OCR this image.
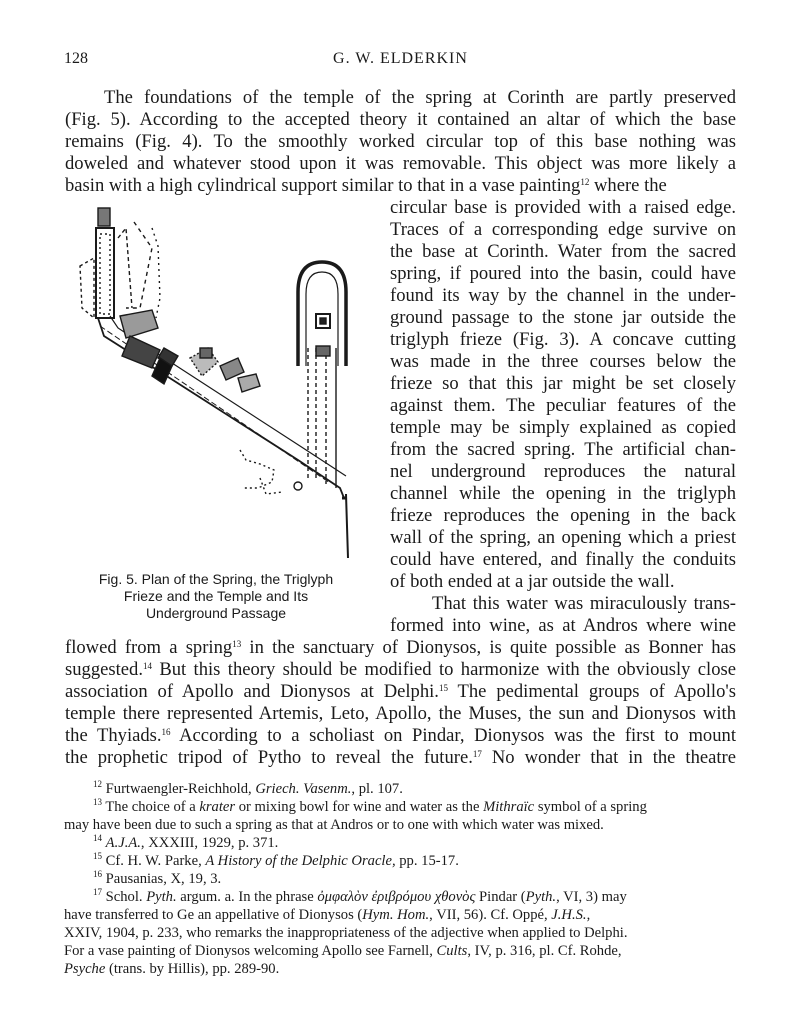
128	G. W. ELDERKIN
The foundations of the temple of the spring at Corinth are partly preserved
(Fig. 5). According to the accepted theory it contained an altar of which the base
remains (Fig. 4). To the smoothly worked circular top of this base nothing was
doweled and whatever stood upon it was removable. This object was more likely a
basin with a high cylindrical support similar to that in a vase painting$^{12}$ where the
circular base is provided with a raised edge.
Traces of a corresponding edge survive on
the base at Corinth. Water from the sacred
spring, if poured into the basin, could have
found its way by the channel in the under-
ground passage to the stone jar outside the
triglyph frieze (Fig. 3). A concave cutting
was made in the three courses below the
frieze so that this jar might be set closely
against them. The peculiar features of the
temple may be simply explained as copied
from the sacred spring. The artificial chan-
nel underground reproduces the natural
channel while the opening in the triglyph
frieze reproduces the opening in the back
wall of the spring, an opening which a priest
could have entered, and finally the conduits
of both ended at a jar outside the wall.
That this water was miraculously trans-
formed into wine, as at Andros where wine
flowed from a spring$^{13}$ in the sanctuary of Dionysos, is quite possible as Bonner has
suggested.$^{14}$ But this theory should be modified to harmonize with the obviously close
association of Apollo and Dionysos at Delphi.$^{15}$ The pedimental groups of Apollo's
temple there represented Artemis, Leto, Apollo, the Muses, the sun and Dionysos with
the Thyiads.$^{16}$ According to a scholiast on Pindar, Dionysos was the first to mount
the prophetic tripod of Pytho to reveal the future.$^{17}$ No wonder that in the theatre
Fig. 5. Plan of the Spring, the Triglyph
Frieze and the Temple and Its
Underground Passage
$^{12}$ Furtwaengler-Reichhold, Griech. Vasenm., pl. 107.
$^{13}$ The choice of a krater or mixing bowl for wine and water as the Mithraïc symbol of a spring
may have been due to such a spring as that at Andros or to one with which water was mixed.
$^{14}$ A.J.A., XXXIII, 1929, p. 371.
$^{15}$ Cf. H. W. Parke, A History of the Delphic Oracle, pp. 15-17.
$^{16}$ Pausanias, X, 19, 3.
$^{17}$ Schol. Pyth. argum. a. In the phrase ὀμφαλὸν ἐριβρόμου χθονὸς Pindar (Pyth., VI, 3) may
have transferred to Ge an appellative of Dionysos (Hym. Hom., VII, 56). Cf. Oppé, J.H.S.,
XXIV, 1904, p. 233, who remarks the inappropriateness of the adjective when applied to Delphi.
For a vase painting of Dionysos welcoming Apollo see Farnell, Cults, IV, p. 316, pl. Cf. Rohde,
Psyche (trans. by Hillis), pp. 289-90.
